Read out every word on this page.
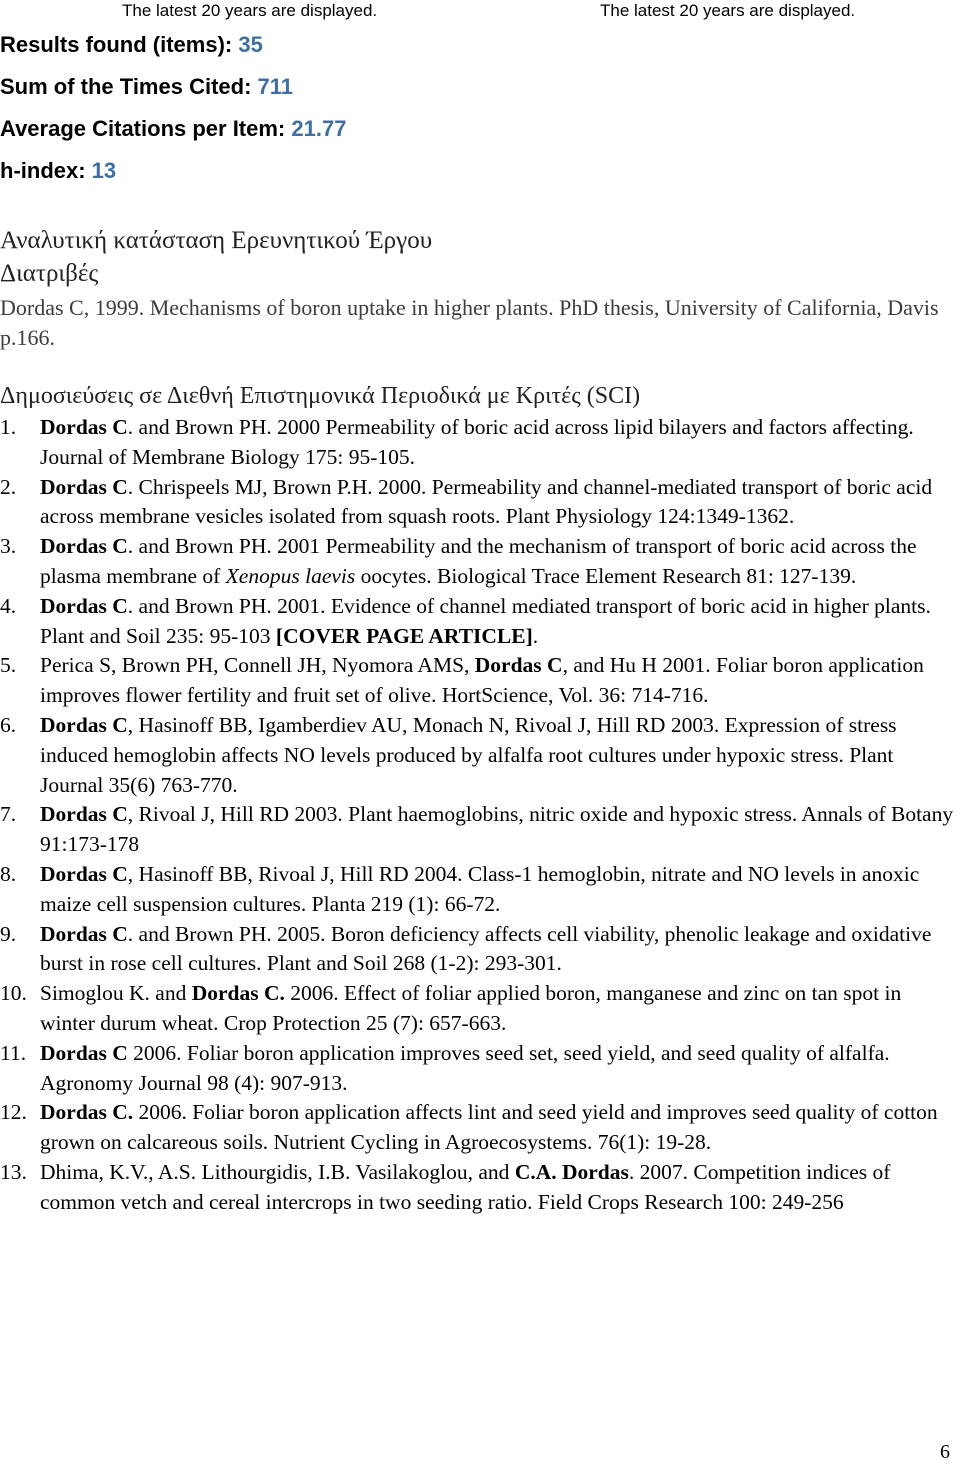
The latest 20 years are displayed.	The latest 20 years are displayed.
Results found (items): 35
Sum of the Times Cited: 711
Average Citations per Item: 21.77
h-index: 13
Αναλυτική κατάσταση Ερευνητικού Έργου
Διατριβές
Dordas C, 1999. Mechanisms of boron uptake in higher plants. PhD thesis, University of California, Davis p.166.
Δημοσιεύσεις σε Διεθνή Επιστημονικά Περιοδικά με Κριτές (SCI)
1. Dordas C. and Brown PH. 2000 Permeability of boric acid across lipid bilayers and factors affecting. Journal of Membrane Biology 175: 95-105.
2. Dordas C. Chrispeels MJ, Brown P.H. 2000. Permeability and channel-mediated transport of boric acid across membrane vesicles isolated from squash roots. Plant Physiology 124:1349-1362.
3. Dordas C. and Brown PH. 2001 Permeability and the mechanism of transport of boric acid across the plasma membrane of Xenopus laevis oocytes. Biological Trace Element Research 81: 127-139.
4. Dordas C. and Brown PH. 2001. Evidence of channel mediated transport of boric acid in higher plants. Plant and Soil 235: 95-103 [COVER PAGE ARTICLE].
5. Perica S, Brown PH, Connell JH, Nyomora AMS, Dordas C, and Hu H 2001. Foliar boron application improves flower fertility and fruit set of olive. HortScience, Vol. 36: 714-716.
6. Dordas C, Hasinoff BB, Igamberdiev AU, Monach N, Rivoal J, Hill RD 2003. Expression of stress induced hemoglobin affects NO levels produced by alfalfa root cultures under hypoxic stress. Plant Journal 35(6) 763-770.
7. Dordas C, Rivoal J, Hill RD 2003. Plant haemoglobins, nitric oxide and hypoxic stress. Annals of Botany 91:173-178
8. Dordas C, Hasinoff BB, Rivoal J, Hill RD 2004. Class-1 hemoglobin, nitrate and NO levels in anoxic maize cell suspension cultures. Planta 219 (1): 66-72.
9. Dordas C. and Brown PH. 2005. Boron deficiency affects cell viability, phenolic leakage and oxidative burst in rose cell cultures. Plant and Soil 268 (1-2): 293-301.
10. Simoglou K. and Dordas C. 2006. Effect of foliar applied boron, manganese and zinc on tan spot in winter durum wheat. Crop Protection 25 (7): 657-663.
11. Dordas C 2006. Foliar boron application improves seed set, seed yield, and seed quality of alfalfa. Agronomy Journal 98 (4): 907-913.
12. Dordas C. 2006. Foliar boron application affects lint and seed yield and improves seed quality of cotton grown on calcareous soils. Nutrient Cycling in Agroecosystems. 76(1): 19-28.
13. Dhima, K.V., A.S. Lithourgidis, I.B. Vasilakoglou, and C.A. Dordas. 2007. Competition indices of common vetch and cereal intercrops in two seeding ratio. Field Crops Research 100: 249-256
6
